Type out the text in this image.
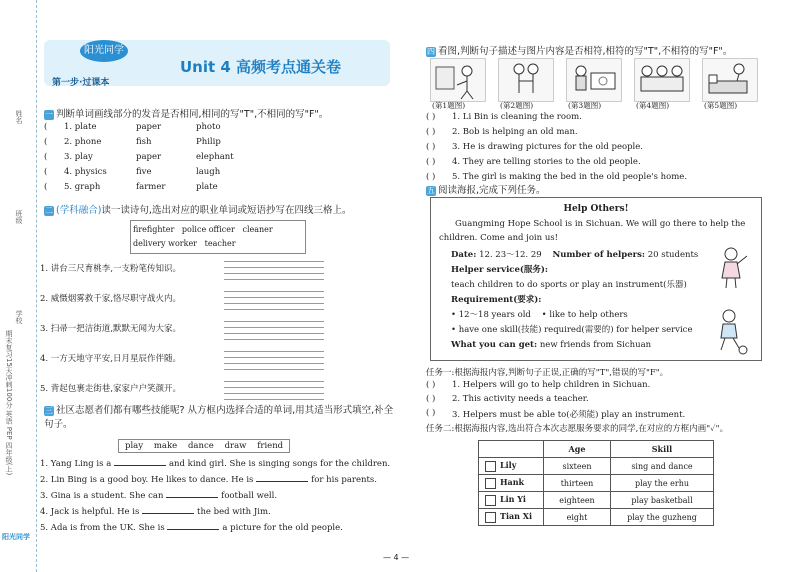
姓名
班级
学校
期末复习15天冲刺100分 英语 PEP 四年级(上)
阳光同学
阳光同学
第一步·过课本
Unit 4 高频考点通关卷
一 判断单词画线部分的发音是否相同,相同的写"T",不相同的写"F"。
(1. plate	paper	photo
(2. phone	fish	Philip
(3. play	paper	elephant
(4. physics	five	laugh
(5. graph	farmer	plate
二 (学科融合)读一读诗句,选出对应的职业单词或短语抄写在四线三格上。
firefighter police officer cleaner
delivery worker teacher
1. 讲台三尺育桃李,一支粉笔传知识。
2. 威慑烟雾救千家,恪尽职守战火内。
3. 扫帚一把洁街道,默默无闻为大家。
4. 一方天地守平安,日月星辰作伴随。
5. 背起包裹走街巷,家家户户笑颜开。
三 社区志愿者们都有哪些技能呢? 从方框内选择合适的单词,用其适当形式填空,补全句子。
play make dance draw friend
1. Yang Ling is a	and kind girl. She is singing songs for the children.
2. Lin Bing is a good boy. He likes to dance. He is	for his parents.
3. Gina is a student. She can	football well.
4. Jack is helpful. He is	the bed with Jim.
5. Ada is from the UK. She is	a picture for the old people.
四 看图,判断句子描述与图片内容是否相符,相符的写"T",不相符的写"F"。
(第1题图)	(第2题图)	(第3题图)	(第4题图)	(第5题图)
( ) 1. Li Bin is cleaning the room.
( ) 2. Bob is helping an old man.
( ) 3. He is drawing pictures for the old people.
( ) 4. They are telling stories to the old people.
( ) 5. The girl is making the bed in the old people's home.
五 阅读海报,完成下列任务。
Help Others!
Guangming Hope School is in Sichuan. We will go there to help the children. Come and join us!
Date: 12. 23～12. 29 Number of helpers: 20 students
Helper service(服务):
teach children to do sports or play an instrument(乐器)
Requirement(要求):
• 12～18 years old • like to help others
• have one skill(技能) required(需要的) for helper service
What you can get: new friends from Sichuan
任务一:根据海报内容,判断句子正误,正确的写"T",错误的写"F"。
( ) 1. Helpers will go to help children in Sichuan.
( ) 2. This activity needs a teacher.
( ) 3. Helpers must be able to(必须能) play an instrument.
任务二:根据海报内容,选出符合本次志愿服务要求的同学,在对应的方框内画"✓"。
	Age	Skill
Lily	sixteen	sing and dance
Hank	thirteen	play the erhu
Lin Yi	eighteen	play basketball
Tian Xi	eight	play the guzheng
— 4 —
